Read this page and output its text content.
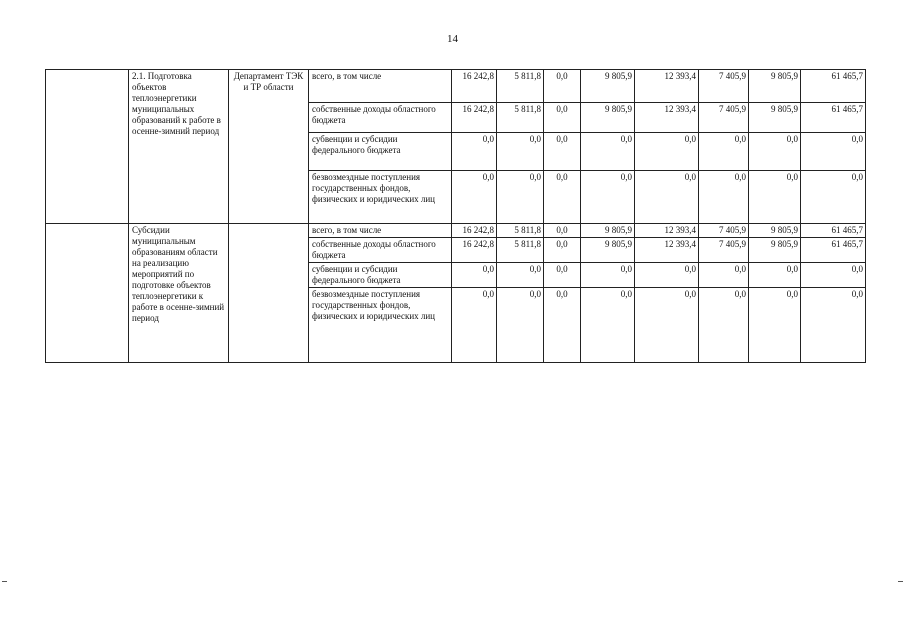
14
	2.1. Подготовка объектов теплоэнергетики муниципальных образований к работе в осенне-зимний период	Департамент ТЭК и ТР области	всего, в том числе	16 242,8	5 811,8	0,0	9 805,9	12 393,4	7 405,9	9 805,9	61 465,7
			собственные доходы областного бюджета	16 242,8	5 811,8	0,0	9 805,9	12 393,4	7 405,9	9 805,9	61 465,7
			субвенции и субсидии федерального бюджета	0,0	0,0	0,0	0,0	0,0	0,0	0,0	0,0
			безвозмездные поступления государственных фондов, физических и юридических лиц	0,0	0,0	0,0	0,0	0,0	0,0	0,0	0,0
	Субсидии муниципальным образованиям области на реализацию мероприятий по подготовке объектов теплоэнергетики к работе в осенне-зимний период		всего, в том числе	16 242,8	5 811,8	0,0	9 805,9	12 393,4	7 405,9	9 805,9	61 465,7
			собственные доходы областного бюджета	16 242,8	5 811,8	0,0	9 805,9	12 393,4	7 405,9	9 805,9	61 465,7
			субвенции и субсидии федерального бюджета	0,0	0,0	0,0	0,0	0,0	0,0	0,0	0,0
			безвозмездные поступления государственных фондов, физических и юридических лиц	0,0	0,0	0,0	0,0	0,0	0,0	0,0	0,0
